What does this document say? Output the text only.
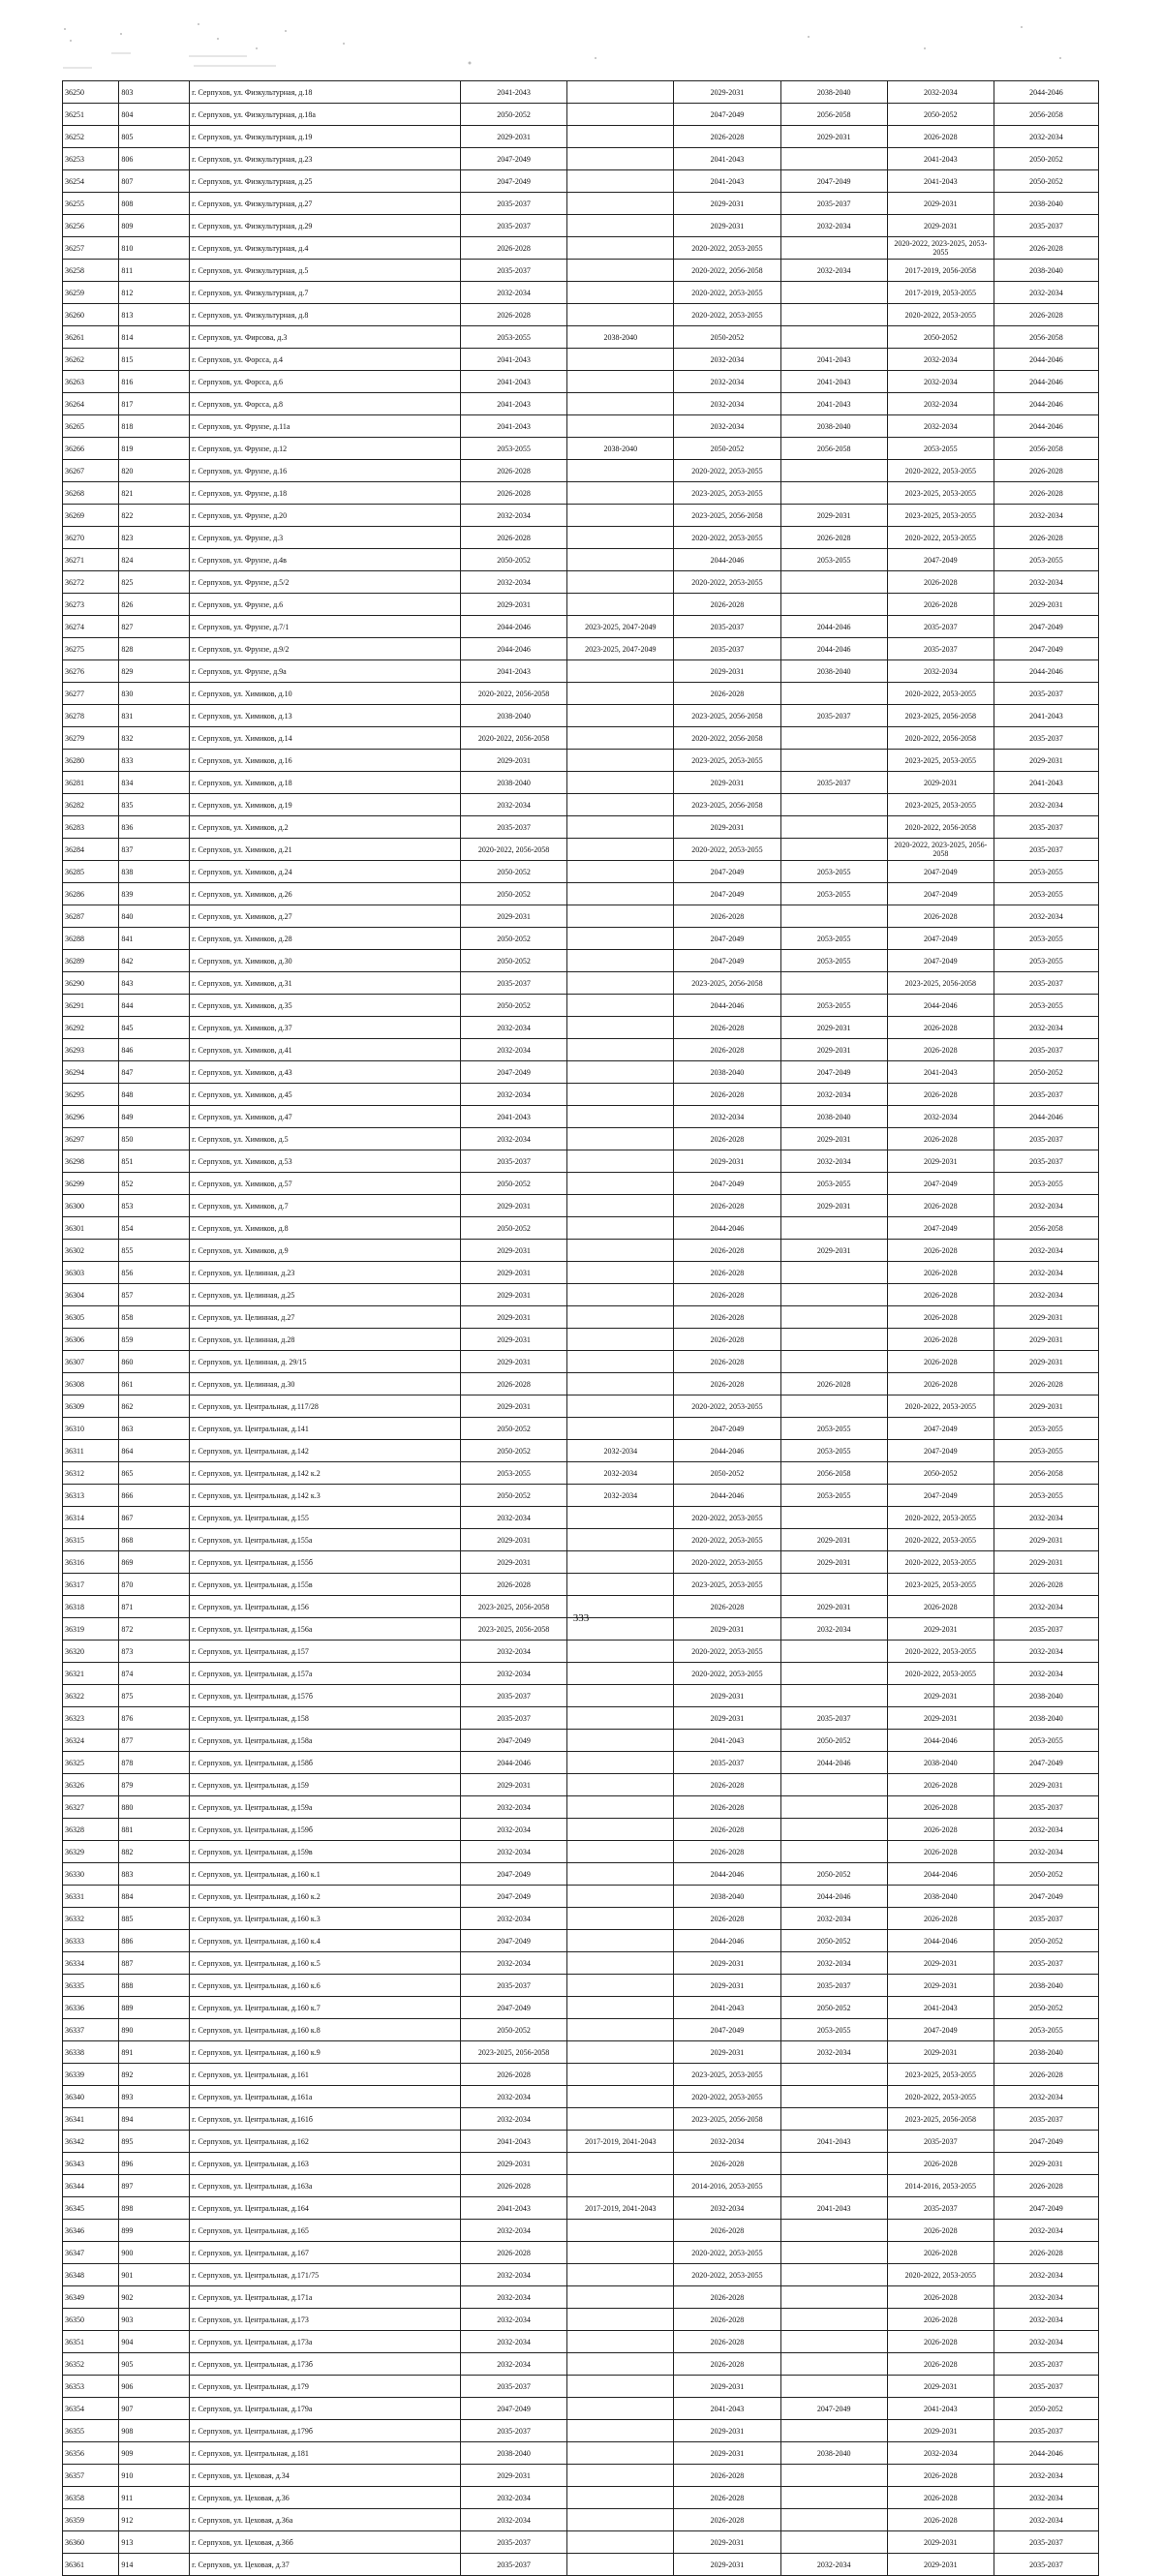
36250	803	г. Серпухов, ул. Физкультурная, д.18	2041-2043		2029-2031	2038-2040	2032-2034	2044-2046
36251	804	г. Серпухов, ул. Физкультурная, д.18а	2050-2052		2047-2049	2056-2058	2050-2052	2056-2058
36252	805	г. Серпухов, ул. Физкультурная, д.19	2029-2031		2026-2028	2029-2031	2026-2028	2032-2034
36253	806	г. Серпухов, ул. Физкультурная, д.23	2047-2049		2041-2043		2041-2043	2050-2052
36254	807	г. Серпухов, ул. Физкультурная, д.25	2047-2049		2041-2043	2047-2049	2041-2043	2050-2052
36255	808	г. Серпухов, ул. Физкультурная, д.27	2035-2037		2029-2031	2035-2037	2029-2031	2038-2040
36256	809	г. Серпухов, ул. Физкультурная, д.29	2035-2037		2029-2031	2032-2034	2029-2031	2035-2037
36257	810	г. Серпухов, ул. Физкультурная, д.4	2026-2028		2020-2022, 2053-2055		2020-2022, 2023-2025, 2053-2055	2026-2028
36258	811	г. Серпухов, ул. Физкультурная, д.5	2035-2037		2020-2022, 2056-2058	2032-2034	2017-2019, 2056-2058	2038-2040
36259	812	г. Серпухов, ул. Физкультурная, д.7	2032-2034		2020-2022, 2053-2055		2017-2019, 2053-2055	2032-2034
36260	813	г. Серпухов, ул. Физкультурная, д.8	2026-2028		2020-2022, 2053-2055		2020-2022, 2053-2055	2026-2028
36261	814	г. Серпухов, ул. Фирсова, д.3	2053-2055	2038-2040	2050-2052		2050-2052	2056-2058
36262	815	г. Серпухов, ул. Форсса, д.4	2041-2043		2032-2034	2041-2043	2032-2034	2044-2046
36263	816	г. Серпухов, ул. Форсса, д.6	2041-2043		2032-2034	2041-2043	2032-2034	2044-2046
36264	817	г. Серпухов, ул. Форсса, д.8	2041-2043		2032-2034	2041-2043	2032-2034	2044-2046
36265	818	г. Серпухов, ул. Фрунзе, д.11а	2041-2043		2032-2034	2038-2040	2032-2034	2044-2046
36266	819	г. Серпухов, ул. Фрунзе, д.12	2053-2055	2038-2040	2050-2052	2056-2058	2053-2055	2056-2058
36267	820	г. Серпухов, ул. Фрунзе, д.16	2026-2028		2020-2022, 2053-2055		2020-2022, 2053-2055	2026-2028
36268	821	г. Серпухов, ул. Фрунзе, д.18	2026-2028		2023-2025, 2053-2055		2023-2025, 2053-2055	2026-2028
36269	822	г. Серпухов, ул. Фрунзе, д.20	2032-2034		2023-2025, 2056-2058	2029-2031	2023-2025, 2053-2055	2032-2034
36270	823	г. Серпухов, ул. Фрунзе, д.3	2026-2028		2020-2022, 2053-2055	2026-2028	2020-2022, 2053-2055	2026-2028
36271	824	г. Серпухов, ул. Фрунзе, д.4в	2050-2052		2044-2046	2053-2055	2047-2049	2053-2055
36272	825	г. Серпухов, ул. Фрунзе, д.5/2	2032-2034		2020-2022, 2053-2055		2026-2028	2032-2034
36273	826	г. Серпухов, ул. Фрунзе, д.6	2029-2031		2026-2028		2026-2028	2029-2031
36274	827	г. Серпухов, ул. Фрунзе, д.7/1	2044-2046	2023-2025, 2047-2049	2035-2037	2044-2046	2035-2037	2047-2049
36275	828	г. Серпухов, ул. Фрунзе, д.9/2	2044-2046	2023-2025, 2047-2049	2035-2037	2044-2046	2035-2037	2047-2049
36276	829	г. Серпухов, ул. Фрунзе, д.9а	2041-2043		2029-2031	2038-2040	2032-2034	2044-2046
36277	830	г. Серпухов, ул. Химиков, д.10	2020-2022, 2056-2058		2026-2028		2020-2022, 2053-2055	2035-2037
36278	831	г. Серпухов, ул. Химиков, д.13	2038-2040		2023-2025, 2056-2058	2035-2037	2023-2025, 2056-2058	2041-2043
36279	832	г. Серпухов, ул. Химиков, д.14	2020-2022, 2056-2058		2020-2022, 2056-2058		2020-2022, 2056-2058	2035-2037
36280	833	г. Серпухов, ул. Химиков, д.16	2029-2031		2023-2025, 2053-2055		2023-2025, 2053-2055	2029-2031
36281	834	г. Серпухов, ул. Химиков, д.18	2038-2040		2029-2031	2035-2037	2029-2031	2041-2043
36282	835	г. Серпухов, ул. Химиков, д.19	2032-2034		2023-2025, 2056-2058		2023-2025, 2053-2055	2032-2034
36283	836	г. Серпухов, ул. Химиков, д.2	2035-2037		2029-2031		2020-2022, 2056-2058	2035-2037
36284	837	г. Серпухов, ул. Химиков, д.21	2020-2022, 2056-2058		2020-2022, 2053-2055		2020-2022, 2023-2025, 2056-2058	2035-2037
36285	838	г. Серпухов, ул. Химиков, д.24	2050-2052		2047-2049	2053-2055	2047-2049	2053-2055
36286	839	г. Серпухов, ул. Химиков, д.26	2050-2052		2047-2049	2053-2055	2047-2049	2053-2055
36287	840	г. Серпухов, ул. Химиков, д.27	2029-2031		2026-2028		2026-2028	2032-2034
36288	841	г. Серпухов, ул. Химиков, д.28	2050-2052		2047-2049	2053-2055	2047-2049	2053-2055
36289	842	г. Серпухов, ул. Химиков, д.30	2050-2052		2047-2049	2053-2055	2047-2049	2053-2055
36290	843	г. Серпухов, ул. Химиков, д.31	2035-2037		2023-2025, 2056-2058		2023-2025, 2056-2058	2035-2037
36291	844	г. Серпухов, ул. Химиков, д.35	2050-2052		2044-2046	2053-2055	2044-2046	2053-2055
36292	845	г. Серпухов, ул. Химиков, д.37	2032-2034		2026-2028	2029-2031	2026-2028	2032-2034
36293	846	г. Серпухов, ул. Химиков, д.41	2032-2034		2026-2028	2029-2031	2026-2028	2035-2037
36294	847	г. Серпухов, ул. Химиков, д.43	2047-2049		2038-2040	2047-2049	2041-2043	2050-2052
36295	848	г. Серпухов, ул. Химиков, д.45	2032-2034		2026-2028	2032-2034	2026-2028	2035-2037
36296	849	г. Серпухов, ул. Химиков, д.47	2041-2043		2032-2034	2038-2040	2032-2034	2044-2046
36297	850	г. Серпухов, ул. Химиков, д.5	2032-2034		2026-2028	2029-2031	2026-2028	2035-2037
36298	851	г. Серпухов, ул. Химиков, д.53	2035-2037		2029-2031	2032-2034	2029-2031	2035-2037
36299	852	г. Серпухов, ул. Химиков, д.57	2050-2052		2047-2049	2053-2055	2047-2049	2053-2055
36300	853	г. Серпухов, ул. Химиков, д.7	2029-2031		2026-2028	2029-2031	2026-2028	2032-2034
36301	854	г. Серпухов, ул. Химиков, д.8	2050-2052		2044-2046		2047-2049	2056-2058
36302	855	г. Серпухов, ул. Химиков, д.9	2029-2031		2026-2028	2029-2031	2026-2028	2032-2034
36303	856	г. Серпухов, ул. Целинная, д.23	2029-2031		2026-2028		2026-2028	2032-2034
36304	857	г. Серпухов, ул. Целинная, д.25	2029-2031		2026-2028		2026-2028	2032-2034
36305	858	г. Серпухов, ул. Целинная, д.27	2029-2031		2026-2028		2026-2028	2029-2031
36306	859	г. Серпухов, ул. Целинная, д.28	2029-2031		2026-2028		2026-2028	2029-2031
36307	860	г. Серпухов, ул. Целинная, д. 29/15	2029-2031		2026-2028		2026-2028	2029-2031
36308	861	г. Серпухов, ул. Целинная, д.30	2026-2028		2026-2028	2026-2028	2026-2028	2026-2028
36309	862	г. Серпухов, ул. Центральная, д.117/28	2029-2031		2020-2022, 2053-2055		2020-2022, 2053-2055	2029-2031
36310	863	г. Серпухов, ул. Центральная, д.141	2050-2052		2047-2049	2053-2055	2047-2049	2053-2055
36311	864	г. Серпухов, ул. Центральная, д.142	2050-2052	2032-2034	2044-2046	2053-2055	2047-2049	2053-2055
36312	865	г. Серпухов, ул. Центральная, д.142 к.2	2053-2055	2032-2034	2050-2052	2056-2058	2050-2052	2056-2058
36313	866	г. Серпухов, ул. Центральная, д.142 к.3	2050-2052	2032-2034	2044-2046	2053-2055	2047-2049	2053-2055
36314	867	г. Серпухов, ул. Центральная, д.155	2032-2034		2020-2022, 2053-2055		2020-2022, 2053-2055	2032-2034
36315	868	г. Серпухов, ул. Центральная, д.155а	2029-2031		2020-2022, 2053-2055	2029-2031	2020-2022, 2053-2055	2029-2031
36316	869	г. Серпухов, ул. Центральная, д.155б	2029-2031		2020-2022, 2053-2055	2029-2031	2020-2022, 2053-2055	2029-2031
36317	870	г. Серпухов, ул. Центральная, д.155в	2026-2028		2023-2025, 2053-2055		2023-2025, 2053-2055	2026-2028
36318	871	г. Серпухов, ул. Центральная, д.156	2023-2025, 2056-2058		2026-2028	2029-2031	2026-2028	2032-2034
36319	872	г. Серпухов, ул. Центральная, д.156а	2023-2025, 2056-2058		2029-2031	2032-2034	2029-2031	2035-2037
36320	873	г. Серпухов, ул. Центральная, д.157	2032-2034		2020-2022, 2053-2055		2020-2022, 2053-2055	2032-2034
36321	874	г. Серпухов, ул. Центральная, д.157а	2032-2034		2020-2022, 2053-2055		2020-2022, 2053-2055	2032-2034
36322	875	г. Серпухов, ул. Центральная, д.157б	2035-2037		2029-2031		2029-2031	2038-2040
36323	876	г. Серпухов, ул. Центральная, д.158	2035-2037		2029-2031	2035-2037	2029-2031	2038-2040
36324	877	г. Серпухов, ул. Центральная, д.158а	2047-2049		2041-2043	2050-2052	2044-2046	2053-2055
36325	878	г. Серпухов, ул. Центральная, д.158б	2044-2046		2035-2037	2044-2046	2038-2040	2047-2049
36326	879	г. Серпухов, ул. Центральная, д.159	2029-2031		2026-2028		2026-2028	2029-2031
36327	880	г. Серпухов, ул. Центральная, д.159а	2032-2034		2026-2028		2026-2028	2035-2037
36328	881	г. Серпухов, ул. Центральная, д.159б	2032-2034		2026-2028		2026-2028	2032-2034
36329	882	г. Серпухов, ул. Центральная, д.159в	2032-2034		2026-2028		2026-2028	2032-2034
36330	883	г. Серпухов, ул. Центральная, д.160 к.1	2047-2049		2044-2046	2050-2052	2044-2046	2050-2052
36331	884	г. Серпухов, ул. Центральная, д.160 к.2	2047-2049		2038-2040	2044-2046	2038-2040	2047-2049
36332	885	г. Серпухов, ул. Центральная, д.160 к.3	2032-2034		2026-2028	2032-2034	2026-2028	2035-2037
36333	886	г. Серпухов, ул. Центральная, д.160 к.4	2047-2049		2044-2046	2050-2052	2044-2046	2050-2052
36334	887	г. Серпухов, ул. Центральная, д.160 к.5	2032-2034		2029-2031	2032-2034	2029-2031	2035-2037
36335	888	г. Серпухов, ул. Центральная, д.160 к.6	2035-2037		2029-2031	2035-2037	2029-2031	2038-2040
36336	889	г. Серпухов, ул. Центральная, д.160 к.7	2047-2049		2041-2043	2050-2052	2041-2043	2050-2052
36337	890	г. Серпухов, ул. Центральная, д.160 к.8	2050-2052		2047-2049	2053-2055	2047-2049	2053-2055
36338	891	г. Серпухов, ул. Центральная, д.160 к.9	2023-2025, 2056-2058		2029-2031	2032-2034	2029-2031	2038-2040
36339	892	г. Серпухов, ул. Центральная, д.161	2026-2028		2023-2025, 2053-2055		2023-2025, 2053-2055	2026-2028
36340	893	г. Серпухов, ул. Центральная, д.161а	2032-2034		2020-2022, 2053-2055		2020-2022, 2053-2055	2032-2034
36341	894	г. Серпухов, ул. Центральная, д.161б	2032-2034		2023-2025, 2056-2058		2023-2025, 2056-2058	2035-2037
36342	895	г. Серпухов, ул. Центральная, д.162	2041-2043	2017-2019, 2041-2043	2032-2034	2041-2043	2035-2037	2047-2049
36343	896	г. Серпухов, ул. Центральная, д.163	2029-2031		2026-2028		2026-2028	2029-2031
36344	897	г. Серпухов, ул. Центральная, д.163а	2026-2028		2014-2016, 2053-2055		2014-2016, 2053-2055	2026-2028
36345	898	г. Серпухов, ул. Центральная, д.164	2041-2043	2017-2019, 2041-2043	2032-2034	2041-2043	2035-2037	2047-2049
36346	899	г. Серпухов, ул. Центральная, д.165	2032-2034		2026-2028		2026-2028	2032-2034
36347	900	г. Серпухов, ул. Центральная, д.167	2026-2028		2020-2022, 2053-2055		2026-2028	2026-2028
36348	901	г. Серпухов, ул. Центральная, д.171/75	2032-2034		2020-2022, 2053-2055		2020-2022, 2053-2055	2032-2034
36349	902	г. Серпухов, ул. Центральная, д.171а	2032-2034		2026-2028		2026-2028	2032-2034
36350	903	г. Серпухов, ул. Центральная, д.173	2032-2034		2026-2028		2026-2028	2032-2034
36351	904	г. Серпухов, ул. Центральная, д.173а	2032-2034		2026-2028		2026-2028	2032-2034
36352	905	г. Серпухов, ул. Центральная, д.173б	2032-2034		2026-2028		2026-2028	2035-2037
36353	906	г. Серпухов, ул. Центральная, д.179	2035-2037		2029-2031		2029-2031	2035-2037
36354	907	г. Серпухов, ул. Центральная, д.179а	2047-2049		2041-2043	2047-2049	2041-2043	2050-2052
36355	908	г. Серпухов, ул. Центральная, д.179б	2035-2037		2029-2031		2029-2031	2035-2037
36356	909	г. Серпухов, ул. Центральная, д.181	2038-2040		2029-2031	2038-2040	2032-2034	2044-2046
36357	910	г. Серпухов, ул. Цеховая, д.34	2029-2031		2026-2028		2026-2028	2032-2034
36358	911	г. Серпухов, ул. Цеховая, д.36	2032-2034		2026-2028		2026-2028	2032-2034
36359	912	г. Серпухов, ул. Цеховая, д.36а	2032-2034		2026-2028		2026-2028	2032-2034
36360	913	г. Серпухов, ул. Цеховая, д.36б	2035-2037		2029-2031		2029-2031	2035-2037
36361	914	г. Серпухов, ул. Цеховая, д.37	2035-2037		2029-2031	2032-2034	2029-2031	2035-2037
333
